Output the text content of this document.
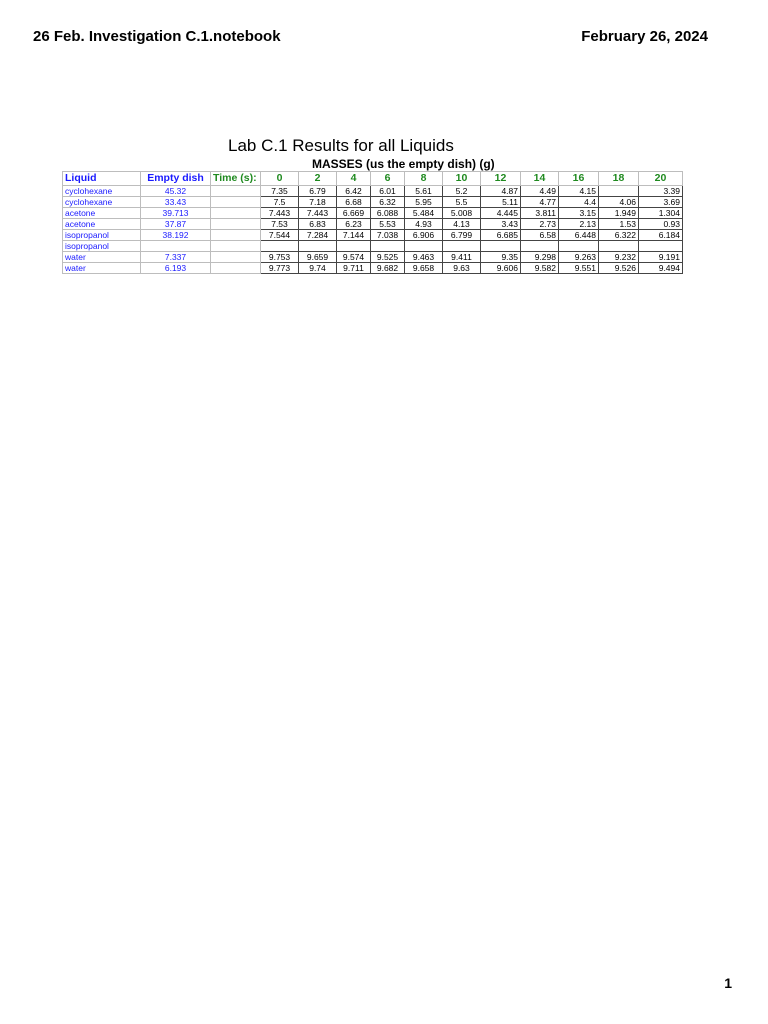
26 Feb. Investigation C.1.notebook	February 26, 2024
Lab C.1 Results for all Liquids
MASSES (us the empty dish) (g)
Liquid	Empty dish	Time (s):	0	2	4	6	8	10	12	14	16	18	20
cyclohexane	45.32		7.35	6.79	6.42	6.01	5.61	5.2	4.87	4.49	4.15		3.39
cyclohexane	33.43		7.5	7.18	6.68	6.32	5.95	5.5	5.11	4.77	4.4	4.06	3.69
acetone	39.713		7.443	7.443	6.669	6.088	5.484	5.008	4.445	3.811	3.15	1.949	1.304
acetone	37.87		7.53	6.83	6.23	5.53	4.93	4.13	3.43	2.73	2.13	1.53	0.93
isopropanol	38.192		7.544	7.284	7.144	7.038	6.906	6.799	6.685	6.58	6.448	6.322	6.184
isopropanol													
water	7.337		9.753	9.659	9.574	9.525	9.463	9.411	9.35	9.298	9.263	9.232	9.191
water	6.193		9.773	9.74	9.711	9.682	9.658	9.63	9.606	9.582	9.551	9.526	9.494
1
